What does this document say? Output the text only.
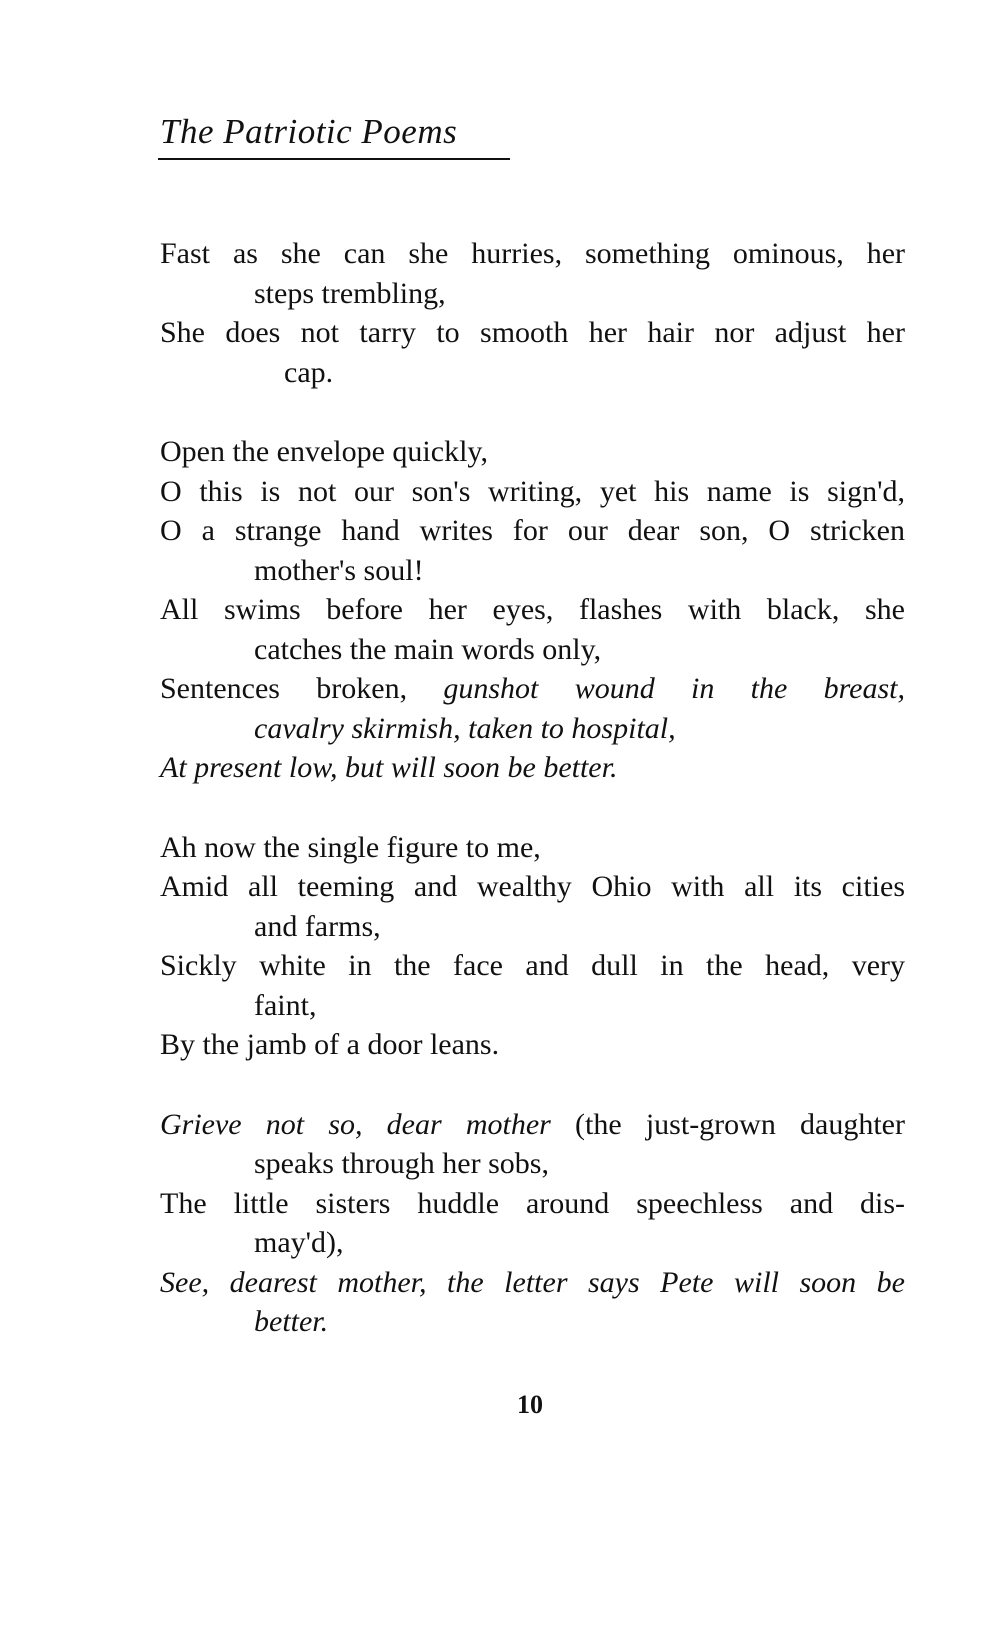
The Patriotic Poems
Fast as she can she hurries, something ominous, her
steps trembling,
She does not tarry to smooth her hair nor adjust her
cap.
Open the envelope quickly,
O this is not our son's writing, yet his name is sign'd,
O a strange hand writes for our dear son, O stricken
mother's soul!
All swims before her eyes, flashes with black, she
catches the main words only,
Sentences broken, gunshot wound in the breast,
cavalry skirmish, taken to hospital,
At present low, but will soon be better.
Ah now the single figure to me,
Amid all teeming and wealthy Ohio with all its cities
and farms,
Sickly white in the face and dull in the head, very
faint,
By the jamb of a door leans.
Grieve not so, dear mother (the just-grown daughter
speaks through her sobs,
The little sisters huddle around speechless and dis-
may'd),
See, dearest mother, the letter says Pete will soon be
better.
10
